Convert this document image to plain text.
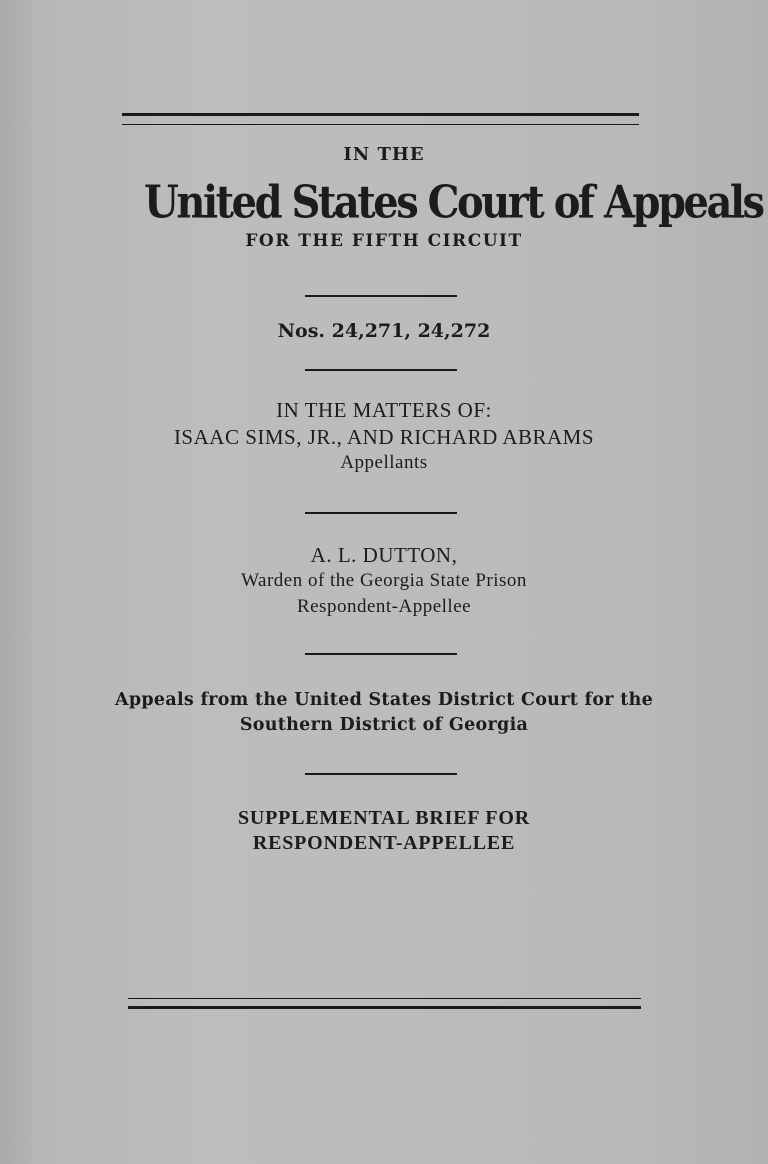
IN THE
United States Court of Appeals
FOR THE FIFTH CIRCUIT
Nos. 24,271, 24,272
IN THE MATTERS OF:
ISAAC SIMS, JR., AND RICHARD ABRAMS
Appellants
A. L. DUTTON,
Warden of the Georgia State Prison
Respondent-Appellee
Appeals from the United States District Court for the
Southern District of Georgia
SUPPLEMENTAL BRIEF FOR
RESPONDENT-APPELLEE
